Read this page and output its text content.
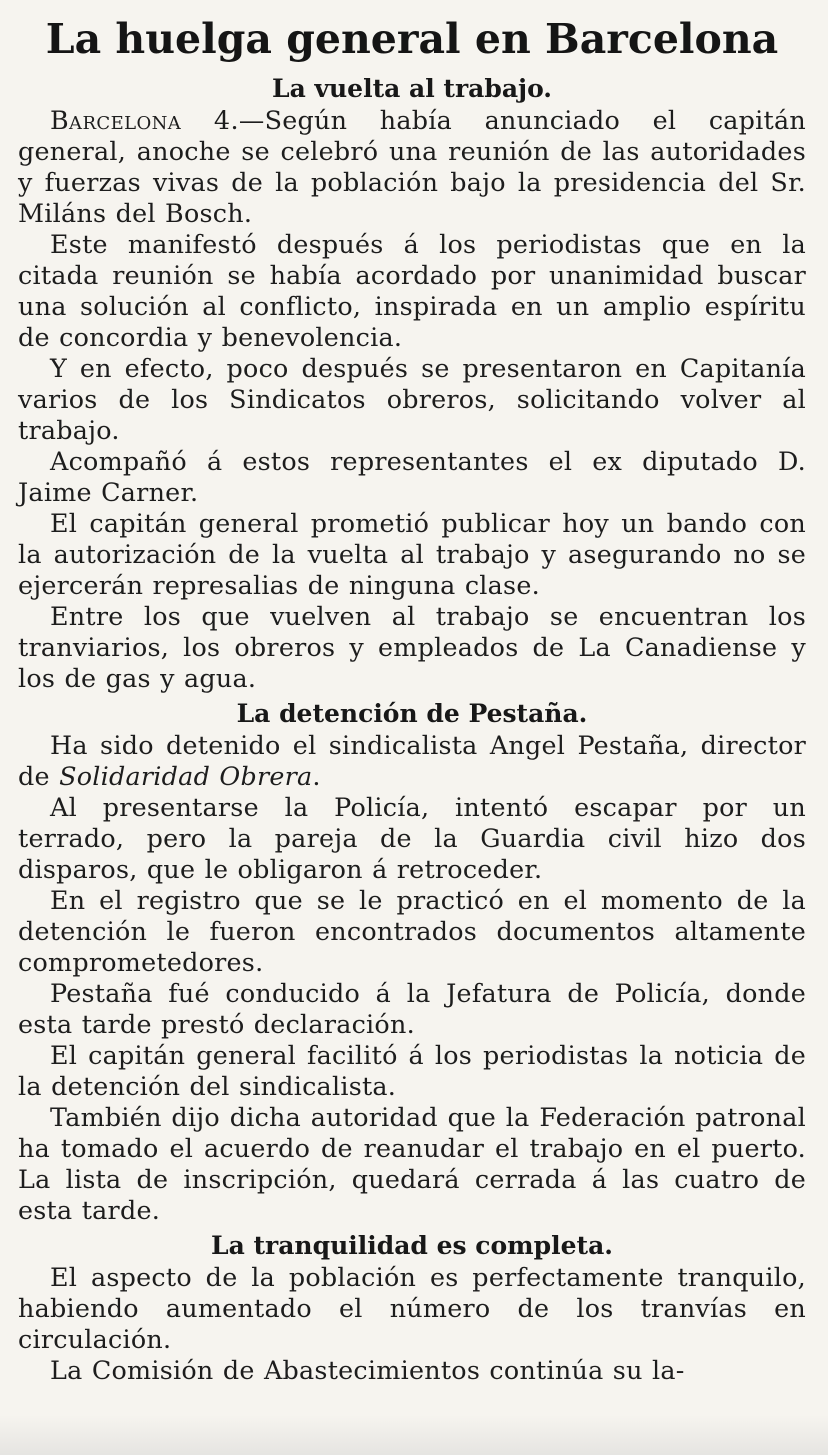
La huelga general en Barcelona
La vuelta al trabajo.

Barcelona 4.—Según había anunciado el capitán general, anoche se celebró una reunión de las autoridades y fuerzas vivas de la población bajo la presidencia del Sr. Miláns del Bosch.

Este manifestó después á los periodistas que en la citada reunión se había acordado por unanimidad buscar una solución al conflicto, inspirada en un amplio espíritu de concordia y benevolencia.

Y en efecto, poco después se presentaron en Capitanía varios de los Sindicatos obreros, solicitando volver al trabajo.

Acompañó á estos representantes el ex diputado D. Jaime Carner.

El capitán general prometió publicar hoy un bando con la autorización de la vuelta al trabajo y asegurando no se ejercerán represalias de ninguna clase.

Entre los que vuelven al trabajo se encuentran los tranviarios, los obreros y empleados de La Canadiense y los de gas y agua.

La detención de Pestaña.

Ha sido detenido el sindicalista Angel Pestaña, director de Solidaridad Obrera.

Al presentarse la Policía, intentó escapar por un terrado, pero la pareja de la Guardia civil hizo dos disparos, que le obligaron á retroceder.

En el registro que se le practicó en el momento de la detención le fueron encontrados documentos altamente comprometedores.

Pestaña fué conducido á la Jefatura de Policía, donde esta tarde prestó declaración.

El capitán general facilitó á los periodistas la noticia de la detención del sindicalista.

También dijo dicha autoridad que la Federación patronal ha tomado el acuerdo de reanudar el trabajo en el puerto. La lista de inscripción, quedará cerrada á las cuatro de esta tarde.

La tranquilidad es completa.

El aspecto de la población es perfectamente tranquilo, habiendo aumentado el número de los tranvías en circulación.

La Comisión de Abastecimientos continúa su la-
